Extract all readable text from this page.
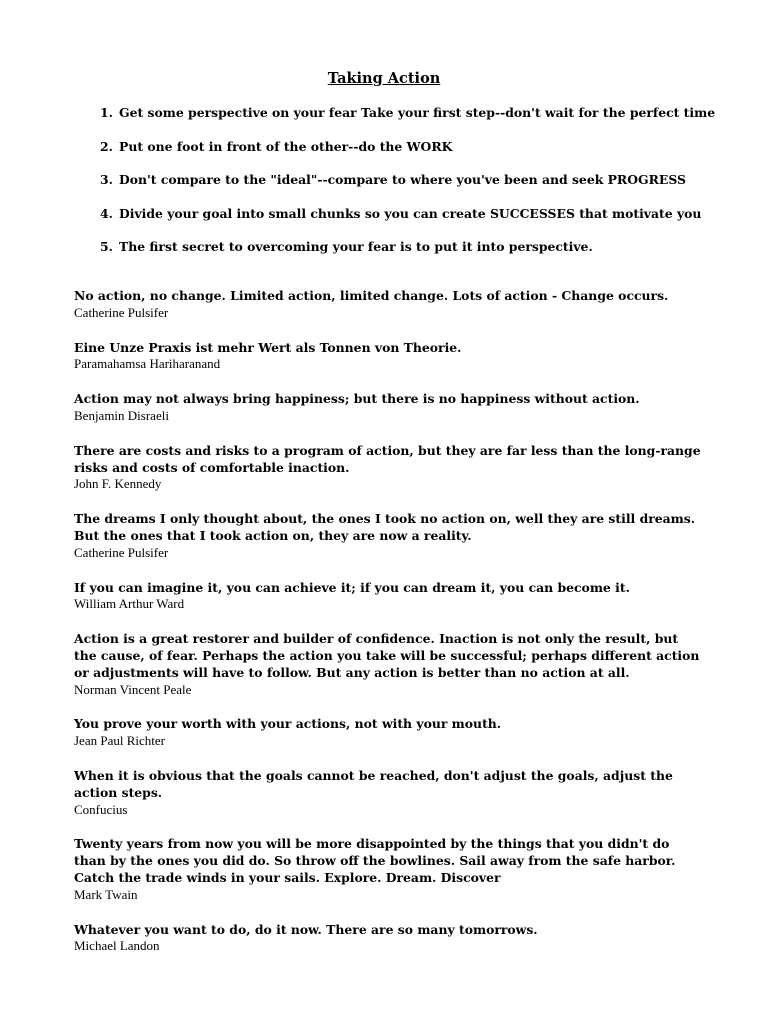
Taking Action
1. Get some perspective on your fear Take your first step--don't wait for the perfect time
2. Put one foot in front of the other--do the WORK
3. Don't compare to the "ideal"--compare to where you've been and seek PROGRESS
4. Divide your goal into small chunks so you can create SUCCESSES that motivate you
5. The first secret to overcoming your fear is to put it into perspective.
No action, no change. Limited action, limited change. Lots of action - Change occurs.
Catherine Pulsifer
Eine Unze Praxis ist mehr Wert als Tonnen von Theorie.
Paramahamsa Hariharanand
Action may not always bring happiness; but there is no happiness without action.
Benjamin Disraeli
There are costs and risks to a program of action, but they are far less than the long-range risks and costs of comfortable inaction.
John F. Kennedy
The dreams I only thought about, the ones I took no action on, well they are still dreams. But the ones that I took action on, they are now a reality.
Catherine Pulsifer
If you can imagine it, you can achieve it; if you can dream it, you can become it.
William Arthur Ward
Action is a great restorer and builder of confidence. Inaction is not only the result, but the cause, of fear. Perhaps the action you take will be successful; perhaps different action or adjustments will have to follow. But any action is better than no action at all.
Norman Vincent Peale
You prove your worth with your actions, not with your mouth.
Jean Paul Richter
When it is obvious that the goals cannot be reached, don't adjust the goals, adjust the action steps.
Confucius
Twenty years from now you will be more disappointed by the things that you didn't do than by the ones you did do. So throw off the bowlines. Sail away from the safe harbor. Catch the trade winds in your sails. Explore. Dream. Discover
Mark Twain
Whatever you want to do, do it now. There are so many tomorrows.
Michael Landon
